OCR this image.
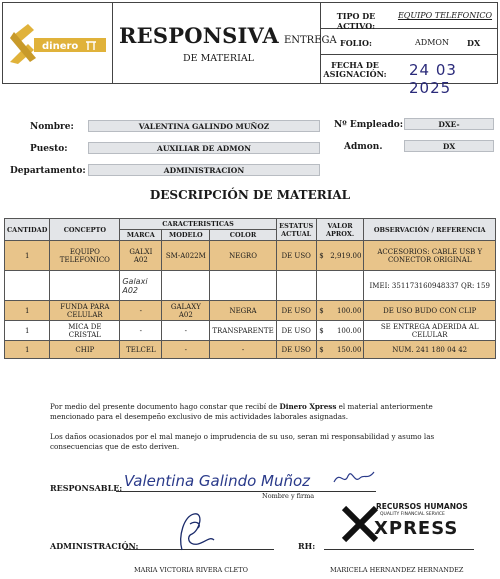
dinero RESPONSIVA ENTREGA
DE MATERIAL
TIPO DE ACTIVO:
EQUIPO TELEFONICO
FOLIO:	ADMON DX
FECHA DE ASIGNACIÓN: 24 03 2025
Nombre:	VALENTINA GALINDO MUÑOZ
Puesto:	AUXILIAR DE ADMON
Departamento:	ADMINISTRACION
Nº Empleado:	DXE-
Admon.	DX
DESCRIPCIÓN DE MATERIAL
CANTIDAD	CONCEPTO	CARACTERISTICAS			ESTATUS ACTUAL	VALOR APROX.		OBSERVACIÓN / REFERENCIA
		MARCA	MODELO	COLOR				
1	EQUIPO TELEFONICO	GALXI A02	SM-A022M	NEGRO	DE USO	$	2,919.00	ACCESORIOS: CABLE USB Y CONECTOR ORIGINAL
		Galaxi A02						IMEI: 351173160948337 QR: 159
1	FUNDA PARA CELULAR	-	GALAXY A02	NEGRA	DE USO	$	100.00	DE USO BUDO CON CLIP
1	MICA DE CRISTAL	-	-	TRANSPARENTE	DE USO	$	100.00	SE ENTREGA ADERIDA AL CELULAR
1	CHIP	TELCEL	-	-	DE USO	$	150.00	NUM. 241 180 04 42
Por medio del presente documento hago constar que recibí de Dinero Xpress el material anteriormente mencionado para el desempeño exclusivo de mis actividades laborales asignadas.
Los daños ocasionados por el mal manejo o imprudencia de su uso, seran mi responsabilidad y asumo las consecuencias que de esto deriven.
RESPONSABLE: Valentina Galindo Muñoz
Nombre y firma
ADMINISTRACIÓN:	RH:
RECURSOS HUMANOS
QUALITY FINANCIAL SERVICE
XPRESS
MARIA VICTORIA RIVERA CLETO	MARICELA HERNANDEZ HERNANDEZ
